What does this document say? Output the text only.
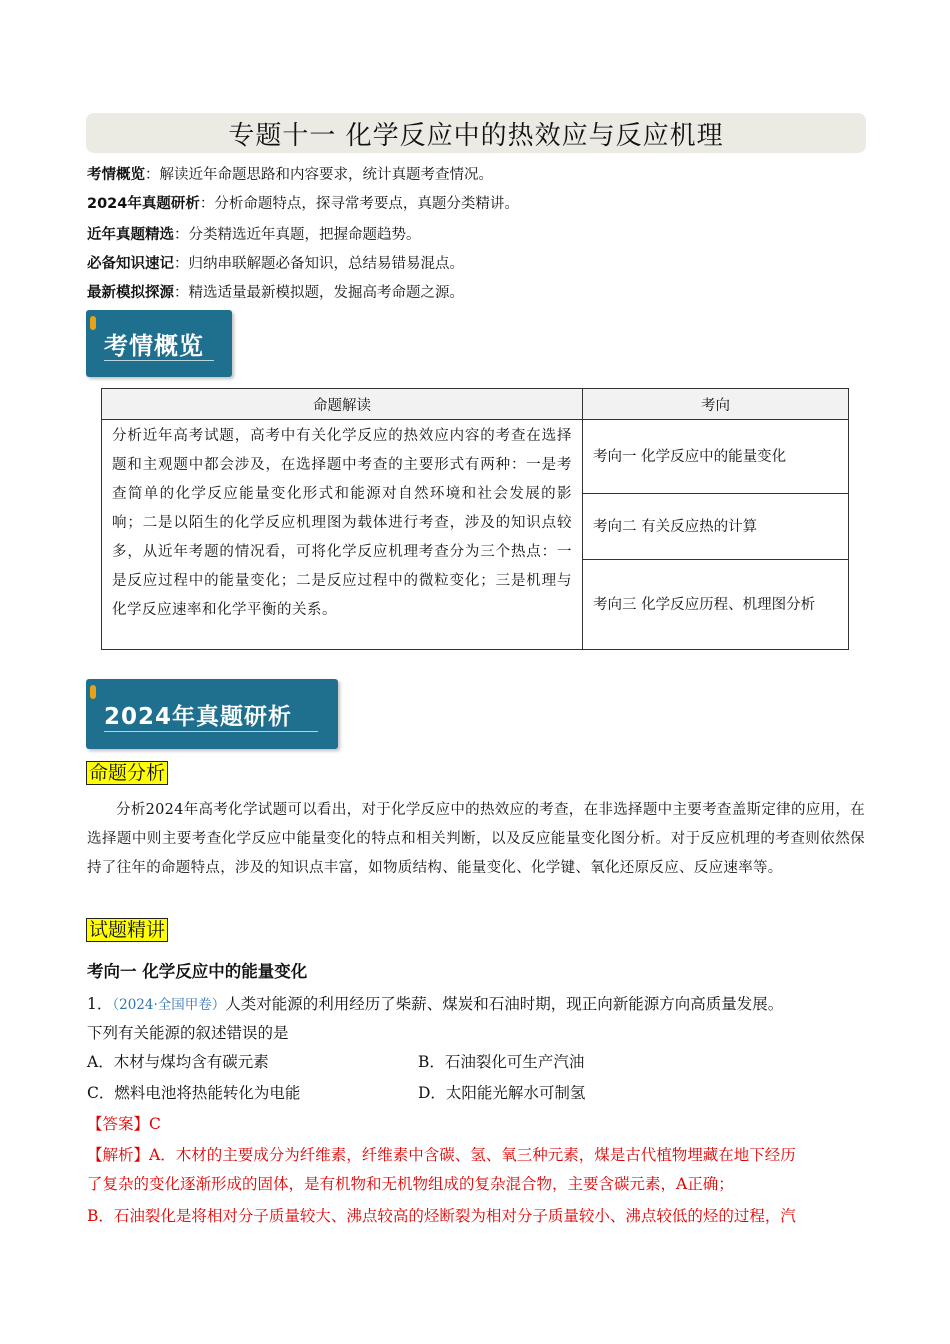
专题十一 化学反应中的热效应与反应机理
考情概览：解读近年命题思路和内容要求，统计真题考查情况。
2024年真题研析：分析命题特点，探寻常考要点，真题分类精讲。
近年真题精选：分类精选近年真题，把握命题趋势。
必备知识速记：归纳串联解题必备知识，总结易错易混点。
最新模拟探源：精选适量最新模拟题，发掘高考命题之源。
考情概览
命题解读	考向
分析近年高考试题，高考中有关化学反应的热效应内容的考查在选择题和主观题中都会涉及，在选择题中考查的主要形式有两种：一是考查简单的化学反应能量变化形式和能源对自然环境和社会发展的影响；二是以陌生的化学反应机理图为载体进行考查，涉及的知识点较多，从近年考题的情况看，可将化学反应机理考查分为三个热点：一是反应过程中的能量变化；二是反应过程中的微粒变化；三是机理与化学反应速率和化学平衡的关系。	考向一 化学反应中的能量变化
	考向二 有关反应热的计算
	考向三 化学反应历程、机理图分析
2024年真题研析
命题分析
分析2024年高考化学试题可以看出，对于化学反应中的热效应的考查，在非选择题中主要考查盖斯定律的应用，在选择题中则主要考查化学反应中能量变化的特点和相关判断，以及反应能量变化图分析。对于反应机理的考查则依然保持了往年的命题特点，涉及的知识点丰富，如物质结构、能量变化、化学键、氧化还原反应、反应速率等。
试题精讲
考向一 化学反应中的能量变化
1．（2024·全国甲卷）人类对能源的利用经历了柴薪、煤炭和石油时期，现正向新能源方向高质量发展。
下列有关能源的叙述错误的是
A．木材与煤均含有碳元素	B．石油裂化可生产汽油
C．燃料电池将热能转化为电能	D．太阳能光解水可制氢
【答案】C
【解析】A．木材的主要成分为纤维素，纤维素中含碳、氢、氧三种元素，煤是古代植物埋藏在地下经历
了复杂的变化逐渐形成的固体，是有机物和无机物组成的复杂混合物，主要含碳元素，A正确；
B．石油裂化是将相对分子质量较大、沸点较高的烃断裂为相对分子质量较小、沸点较低的烃的过程，汽
